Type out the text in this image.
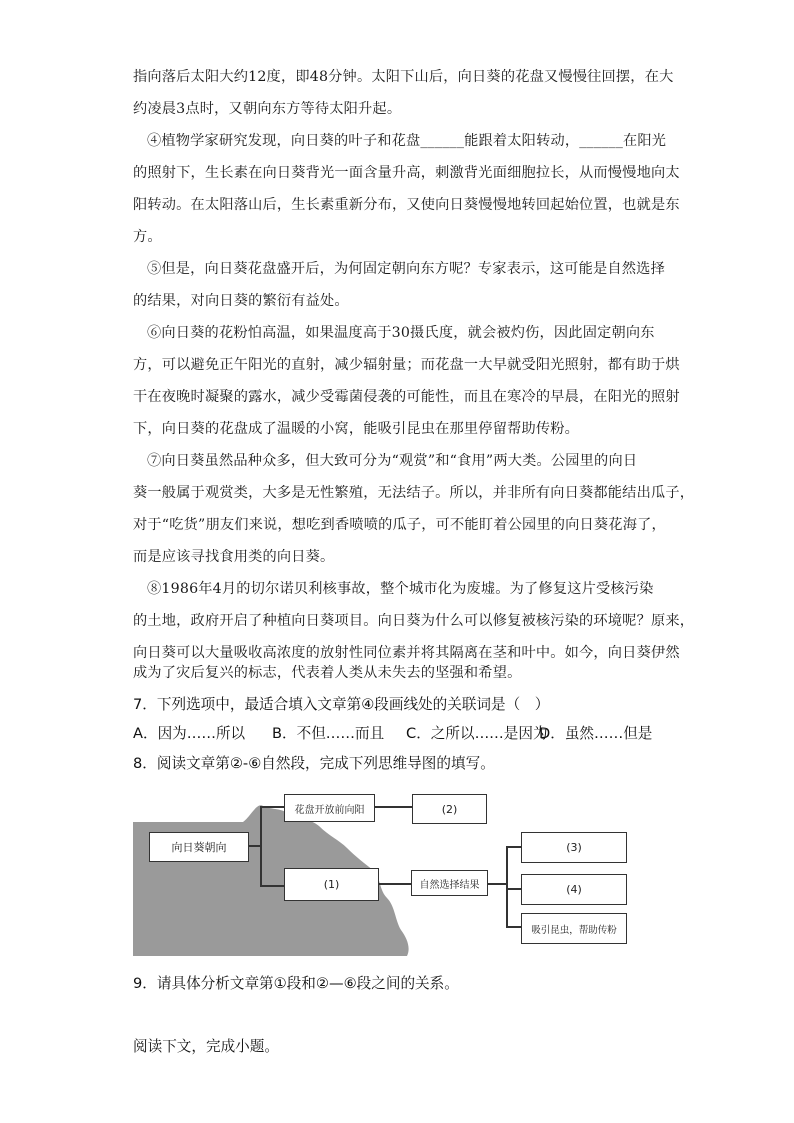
指向落后太阳大约12度，即48分钟。太阳下山后，向日葵的花盘又慢慢往回摆，在大
约凌晨3点时，又朝向东方等待太阳升起。
④植物学家研究发现，向日葵的叶子和花盘______能跟着太阳转动，______在阳光
的照射下，生长素在向日葵背光一面含量升高，刺激背光面细胞拉长，从而慢慢地向太
阳转动。在太阳落山后，生长素重新分布，又使向日葵慢慢地转回起始位置，也就是东
方。
⑤但是，向日葵花盘盛开后，为何固定朝向东方呢？专家表示，这可能是自然选择
的结果，对向日葵的繁衍有益处。
⑥向日葵的花粉怕高温，如果温度高于30摄氏度，就会被灼伤，因此固定朝向东
方，可以避免正午阳光的直射，减少辐射量；而花盘一大早就受阳光照射，都有助于烘
干在夜晚时凝聚的露水，减少受霉菌侵袭的可能性，而且在寒冷的早晨，在阳光的照射
下，向日葵的花盘成了温暖的小窝，能吸引昆虫在那里停留帮助传粉。
⑦向日葵虽然品种众多，但大致可分为“观赏”和“食用”两大类。公园里的向日
葵一般属于观赏类，大多是无性繁殖，无法结子。所以，并非所有向日葵都能结出瓜子，
对于“吃货”朋友们来说，想吃到香喷喷的瓜子，可不能盯着公园里的向日葵花海了，
而是应该寻找食用类的向日葵。
⑧1986年4月的切尔诺贝利核事故，整个城市化为废墟。为了修复这片受核污染
的土地，政府开启了种植向日葵项目。向日葵为什么可以修复被核污染的环境呢？原来，
向日葵可以大量吸收高浓度的放射性同位素并将其隔离在茎和叶中。如今，向日葵伊然
成为了灾后复兴的标志，代表着人类从未失去的坚强和希望。
7．下列选项中，最适合填入文章第④段画线处的关联词是（　）
A．因为……所以 B．不但……而且 C．之所以……是因为
D．虽然……但是
8．阅读文章第②-⑥自然段，完成下列思维导图的填写。
向日葵朝向
花盘开放前向阳	(2)
(1)	自然选择结果
(3)
(4)
吸引昆虫，帮助传粉
9．请具体分析文章第①段和②—⑥段之间的关系。
阅读下文，完成小题。
